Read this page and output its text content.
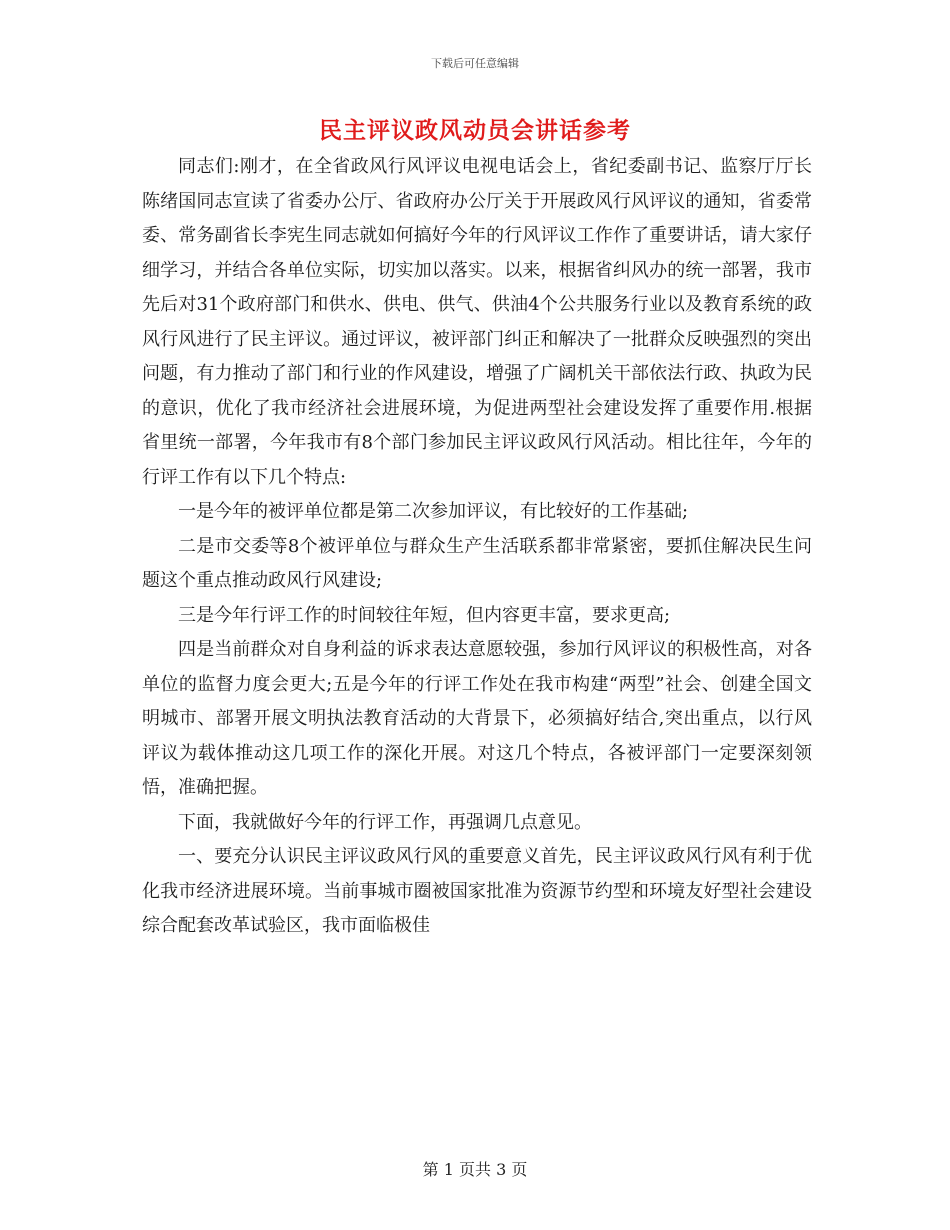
下载后可任意编辑
民主评议政风动员会讲话参考

同志们:刚才，在全省政风行风评议电视电话会上，省纪委副书记、监察厅厅长陈绪国同志宣读了省委办公厅、省政府办公厅关于开展政风行风评议的通知，省委常委、常务副省长李宪生同志就如何搞好今年的行风评议工作作了重要讲话，请大家仔细学习，并结合各单位实际，切实加以落实。以来，根据省纠风办的统一部署，我市先后对31个政府部门和供水、供电、供气、供油4个公共服务行业以及教育系统的政风行风进行了民主评议。通过评议，被评部门纠正和解决了一批群众反映强烈的突出问题，有力推动了部门和行业的作风建设，增强了广阔机关干部依法行政、执政为民的意识，优化了我市经济社会进展环境，为促进两型社会建设发挥了重要作用.根据省里统一部署，今年我市有8个部门参加民主评议政风行风活动。相比往年，今年的行评工作有以下几个特点:

一是今年的被评单位都是第二次参加评议，有比较好的工作基础;

二是市交委等8个被评单位与群众生产生活联系都非常紧密，要抓住解决民生问题这个重点推动政风行风建设;

三是今年行评工作的时间较往年短，但内容更丰富，要求更高;

四是当前群众对自身利益的诉求表达意愿较强，参加行风评议的积极性高，对各单位的监督力度会更大;五是今年的行评工作处在我市构建“两型”社会、创建全国文明城市、部署开展文明执法教育活动的大背景下，必须搞好结合,突出重点，以行风评议为载体推动这几项工作的深化开展。对这几个特点，各被评部门一定要深刻领悟，准确把握。

下面，我就做好今年的行评工作，再强调几点意见。

一、要充分认识民主评议政风行风的重要意义首先，民主评议政风行风有利于优化我市经济进展环境。当前事城市圈被国家批准为资源节约型和环境友好型社会建设综合配套改革试验区，我市面临极佳

第 1 页共 3 页
